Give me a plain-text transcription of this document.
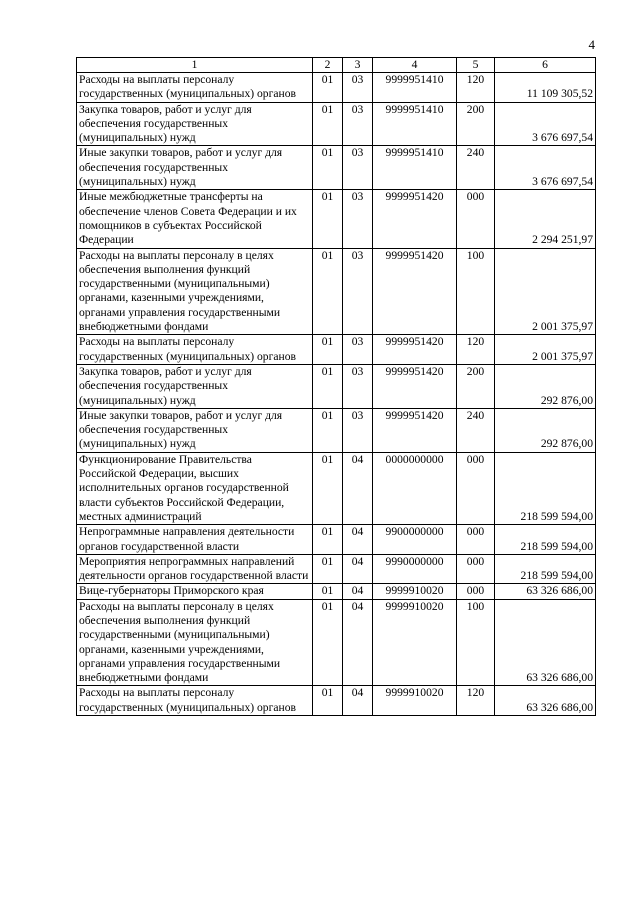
4
1	2	3	4	5	6
Расходы на выплаты персоналу государственных (муниципальных) органов	01	03	9999951410	120	11 109 305,52
Закупка товаров, работ и услуг для обеспечения государственных (муниципальных) нужд	01	03	9999951410	200	3 676 697,54
Иные закупки товаров, работ и услуг для обеспечения государственных (муниципальных) нужд	01	03	9999951410	240	3 676 697,54
Иные межбюджетные трансферты на обеспечение членов Совета Федерации и их помощников в субъектах Российской Федерации	01	03	9999951420	000	2 294 251,97
Расходы на выплаты персоналу в целях обеспечения выполнения функций государственными (муниципальными) органами, казенными учреждениями, органами управления государственными внебюджетными фондами	01	03	9999951420	100	2 001 375,97
Расходы на выплаты персоналу государственных (муниципальных) органов	01	03	9999951420	120	2 001 375,97
Закупка товаров, работ и услуг для обеспечения государственных (муниципальных) нужд	01	03	9999951420	200	292 876,00
Иные закупки товаров, работ и услуг для обеспечения государственных (муниципальных) нужд	01	03	9999951420	240	292 876,00
Функционирование Правительства Российской Федерации, высших исполнительных органов государственной власти субъектов Российской Федерации, местных администраций	01	04	0000000000	000	218 599 594,00
Непрограммные направления деятельности органов государственной власти	01	04	9900000000	000	218 599 594,00
Мероприятия непрограммных направлений деятельности органов государственной власти	01	04	9990000000	000	218 599 594,00
Вице-губернаторы Приморского края	01	04	9999910020	000	63 326 686,00
Расходы на выплаты персоналу в целях обеспечения выполнения функций государственными (муниципальными) органами, казенными учреждениями, органами управления государственными внебюджетными фондами	01	04	9999910020	100	63 326 686,00
Расходы на выплаты персоналу государственных (муниципальных) органов	01	04	9999910020	120	63 326 686,00
